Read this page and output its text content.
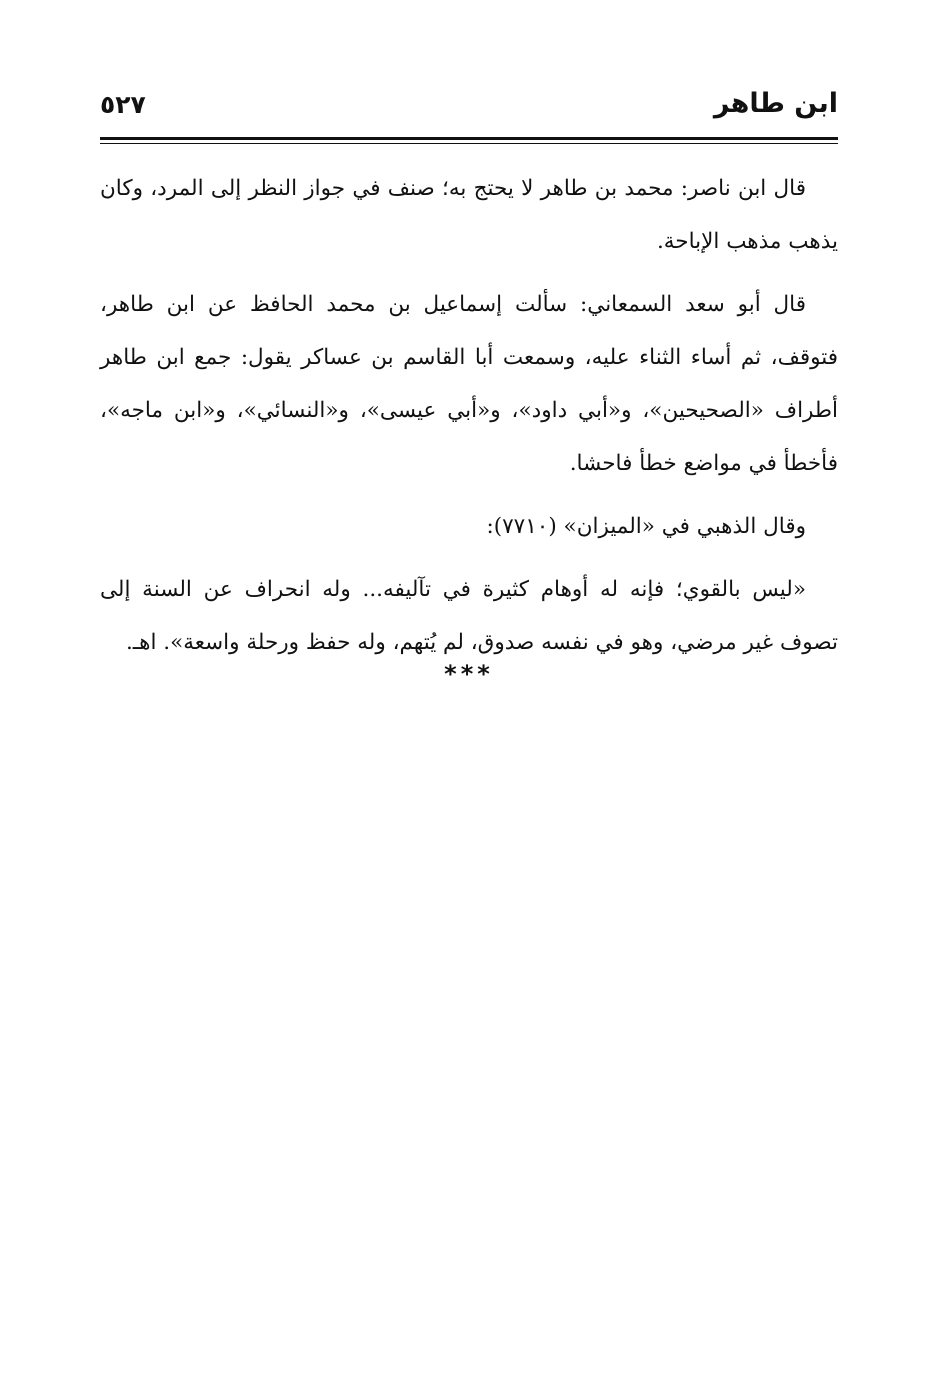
٥٢٧	ابن طاهر

قال ابن ناصر: محمد بن طاهر لا يحتج به؛ صنف في جواز النظر إلى المرد، وكان يذهب مذهب الإباحة.

قال أبو سعد السمعاني: سألت إسماعيل بن محمد الحافظ عن ابن طاهر، فتوقف، ثم أساء الثناء عليه، وسمعت أبا القاسم بن عساكر يقول: جمع ابن طاهر أطراف «الصحيحين»، و«أبي داود»، و«أبي عيسى»، و«النسائي»، و«ابن ماجه»، فأخطأ في مواضع خطأ فاحشا.

وقال الذهبي في «الميزان» (٧٧١٠):

«ليس بالقوي؛ فإنه له أوهام كثيرة في تآليفه... وله انحراف عن السنة إلى تصوف غير مرضي، وهو في نفسه صدوق، لم يُتهم، وله حفظ ورحلة واسعة». اهـ.

***
